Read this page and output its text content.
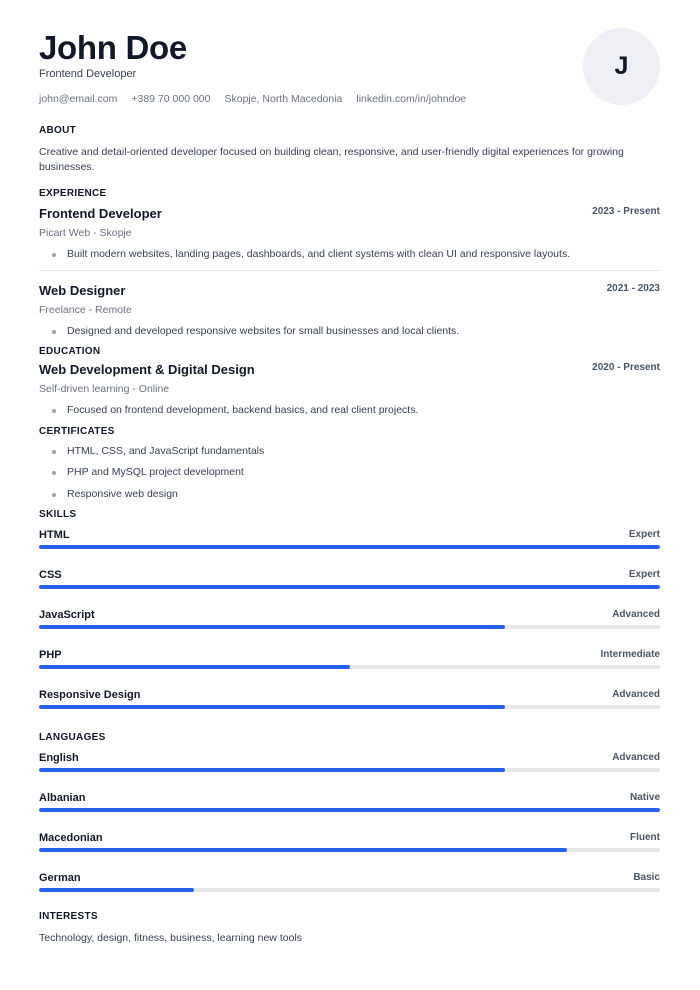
John Doe
Frontend Developer
john@email.com +389 70 000 000 Skopje, North Macedonia linkedin.com/in/johndoe
J
ABOUT
Creative and detail-oriented developer focused on building clean, responsive, and user-friendly digital experiences for growing businesses.
EXPERIENCE
Frontend Developer	2023 - Present
Picart Web - Skopje
Built modern websites, landing pages, dashboards, and client systems with clean UI and responsive layouts.
Web Designer	2021 - 2023
Freelance - Remote
Designed and developed responsive websites for small businesses and local clients.
EDUCATION
Web Development & Digital Design	2020 - Present
Self-driven learning - Online
Focused on frontend development, backend basics, and real client projects.
CERTIFICATES
HTML, CSS, and JavaScript fundamentals
PHP and MySQL project development
Responsive web design
SKILLS
HTML	Expert
CSS	Expert
JavaScript	Advanced
PHP	Intermediate
Responsive Design	Advanced
LANGUAGES
English	Advanced
Albanian	Native
Macedonian	Fluent
German	Basic
INTERESTS
Technology, design, fitness, business, learning new tools
